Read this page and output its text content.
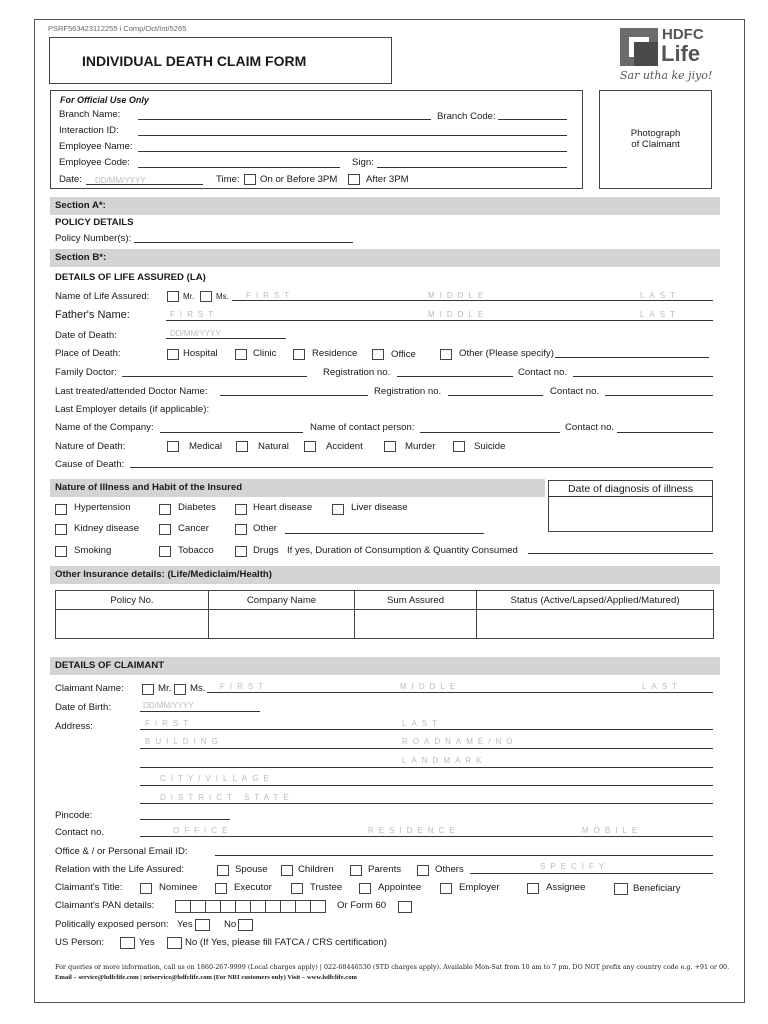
PSRF563423112255 i Comp/Oct/Int/5265
INDIVIDUAL DEATH CLAIM FORM
HDFC
Life
Sar utha ke jiyo!
For Official Use Only
Branch Name:	Branch Code:
Interaction ID:
Employee Name:
Employee Code:	Sign:
Date: DD/MM/YYYY	Time: On or Before 3PM	After 3PM
Photograph
of Claimant
Section A*:
POLICY DETAILS
Policy Number(s):
Section B*:
DETAILS OF LIFE ASSURED (LA)
Name of Life Assured:	Mr.	Ms. FIRST	MIDDLE	LAST
Father's Name:	FIRST	MIDDLE	LAST
Date of Death:	DD/MM/YYYY
Place of Death:	Hospital	Clinic	Residence	Office	Other (Please specify)
Family Doctor:	Registration no.	Contact no.
Last treated/attended Doctor Name:	Registration no.	Contact no.
Last Employer details (if applicable):
Name of the Company:	Name of contact person:	Contact no.
Nature of Death:	Medical	Natural	Accident	Murder	Suicide
Cause of Death:
Nature of Illness and Habit of the Insured	Date of diagnosis of illness
Hypertension	Diabetes	Heart disease	Liver disease
Kidney disease	Cancer	Other
Smoking	Tobacco	Drugs If yes, Duration of Consumption & Quantity Consumed
Other Insurance details: (Life/Mediclaim/Health)
Policy No.	Company Name	Sum Assured	Status (Active/Lapsed/Applied/Matured)

DETAILS OF CLAIMANT
Claimant Name:	Mr. Ms. FIRST	MIDDLE	LAST
Date of Birth:	DD/MM/YYYY
Address:	FIRST	LAST
BUILDING	ROADNAME/NO
LANDMARK
CITY/VILLAGE
DISTRICT STATE
Pincode:
Contact no.	OFFICE	RESIDENCE	MOBILE
Office & / or Personal Email ID:
Relation with the Life Assured:	Spouse	Children	Parents	Others	SPECIFY
Claimant's Title:	Nominee	Executor	Trustee	Appointee	Employer	Assignee	Beneficiary
Claimant's PAN details:	Or Form 60
Politically exposed person: Yes	No
US Person:	Yes	No (If Yes, please fill FATCA / CRS certification)
For queries or more information, call us on 1860-267-9999 (Local charges apply) | 022-68446530 (STD charges apply). Available Mon-Sat from 10 am to 7 pm. DO NOT prefix any country code e.g. +91 or 00.
Email – service@hdfclife.com | nriservice@hdfclife.com (For NRI customers only) Visit – www.hdfclife.com
